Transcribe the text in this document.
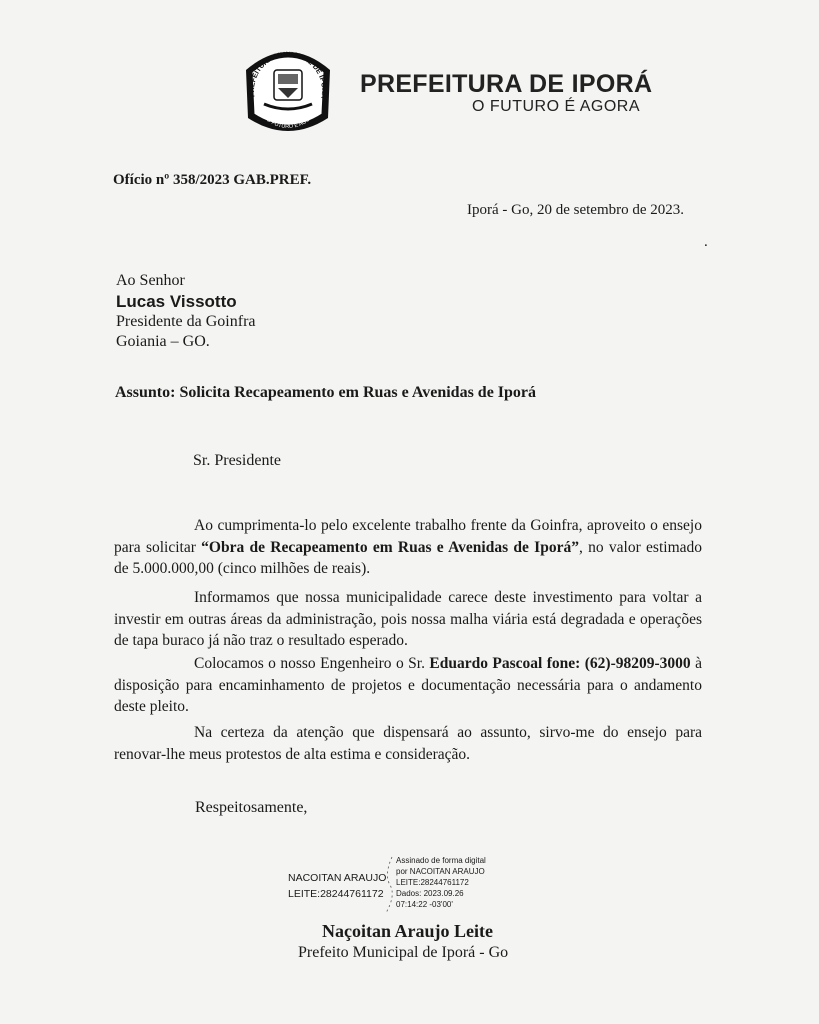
PREFEITURA MUNICIPAL DE IPORÁ
O FUTURO É AGORA
PREFEITURA DE IPORÁ
O FUTURO É AGORA
Ofício nº 358/2023 GAB.PREF.
Iporá - Go, 20 de setembro de 2023.
.
Ao Senhor
Lucas Vissotto
Presidente da Goinfra
Goiania – GO.
Assunto: Solicita Recapeamento em Ruas e Avenidas de Iporá
Sr. Presidente

Ao cumprimenta-lo pelo excelente trabalho frente da Goinfra, aproveito o ensejo para solicitar “Obra de Recapeamento em Ruas e Avenidas de Iporá”, no valor estimado de 5.000.000,00 (cinco milhões de reais).

Informamos que nossa municipalidade carece deste investimento para voltar a investir em outras áreas da administração, pois nossa malha viária está degradada e operações de tapa buraco já não traz o resultado esperado.

Colocamos o nosso Engenheiro o Sr. Eduardo Pascoal fone: (62)-98209-3000 à disposição para encaminhamento de projetos e documentação necessária para o andamento deste pleito.

Na certeza da atenção que dispensará ao assunto, sirvo-me do ensejo para renovar-lhe meus protestos de alta estima e consideração.

Respeitosamente,
NACOITAN ARAUJO
LEITE:28244761172
Assinado de forma digital
por NACOITAN ARAUJO
LEITE:28244761172
Dados: 2023.09.26
07:14:22 -03'00'
Naçoitan Araujo Leite
Prefeito Municipal de Iporá - Go
